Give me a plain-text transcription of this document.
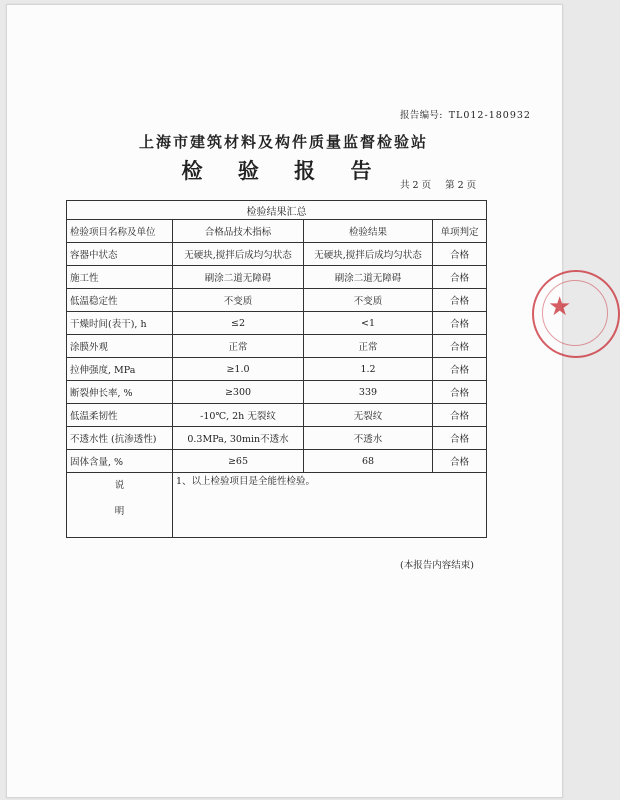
报告编号: TL012-180932
上海市建筑材料及构件质量监督检验站
检 验 报 告
共 2 页 第 2 页
检验结果汇总			
检验项目名称及单位	合格品技术指标	检验结果	单项判定
容器中状态	无硬块,搅拌后成均匀状态	无硬块,搅拌后成均匀状态	合格
施工性	刷涂二道无障碍	刷涂二道无障碍	合格
低温稳定性	不变质	不变质	合格
干燥时间(表干), h	≤2	<1	合格
涂膜外观	正常	正常	合格
拉伸强度, MPa	≥1.0	1.2	合格
断裂伸长率, %	≥300	339	合格
低温柔韧性	-10℃, 2h 无裂纹	无裂纹	合格
不透水性 (抗渗透性)	0.3MPa, 30min不透水	不透水	合格
固体含量, %	≥65	68	合格

说
明	1、以上检验项目是全能性检验。		
(本报告内容结束)
★
